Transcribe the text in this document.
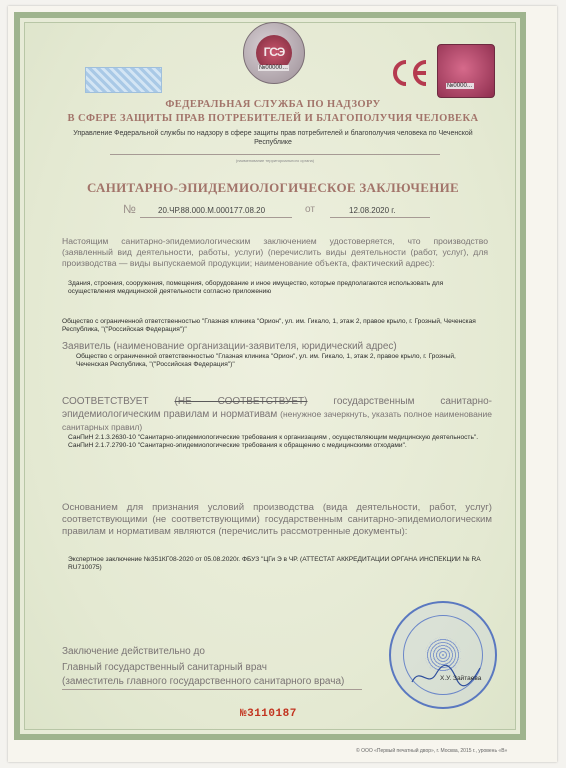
ГСЭ
№00000…
№0000…
ФЕДЕРАЛЬНАЯ СЛУЖБА ПО НАДЗОРУ
В СФЕРЕ ЗАЩИТЫ ПРАВ ПОТРЕБИТЕЛЕЙ И БЛАГОПОЛУЧИЯ ЧЕЛОВЕКА
Управление Федеральной службы по надзору в сфере защиты прав потребителей и благополучия человека по Чеченской Республике
(наименование территориального органа)
САНИТАРНО-ЭПИДЕМИОЛОГИЧЕСКОЕ ЗАКЛЮЧЕНИЕ
№	20.ЧР.88.000.М.000177.08.20	от	12.08.2020 г.
Настоящим санитарно-эпидемиологическим заключением удостоверяется, что производство (заявленный вид деятельности, работы, услуги) (перечислить виды деятельности (работ, услуг), для производства — виды выпускаемой продукции; наименование объекта, фактический адрес):
Здания, строения, сооружения, помещения, оборудование и иное имущество, которые предполагаются использовать для осуществления медицинской деятельности согласно приложению
Общество с ограниченной ответственностью "Глазная клиника "Орион", ул. им. Гикало, 1, этаж 2, правое крыло, г. Грозный, Чеченская Республика, "("Российская Федерация")"
Заявитель (наименование организации-заявителя, юридический адрес)
Общество с ограниченной ответственностью "Глазная клиника "Орион", ул. им. Гикало, 1, этаж 2, правое крыло, г. Грозный, Чеченская Республика, "("Российская Федерация")"
СООТВЕТСТВУЕТ	(НЕ СООТВЕТСТВУЕТ)	государственным санитарно-эпидемиологическим правилам и нормативам (ненужное зачеркнуть, указать полное наименование санитарных правил)
СанПиН 2.1.3.2630-10 "Санитарно-эпидемиологические требования к организациям , осуществляющим медицинскую деятельность". СанПиН 2.1.7.2790-10 "Санитарно-эпидемиологические требования к обращению с медицинскими отходами".
Основанием для признания условий производства (вида деятельности, работ, услуг) соответствующими (не соответствующими) государственным санитарно-эпидемиологическим правилам и нормативам являются (перечислить рассмотренные документы):
Экспертное заключение №351КГ08-2020 от 05.08.2020г. ФБУЗ "ЦГи Э в ЧР. (АТТЕСТАТ АККРЕДИТАЦИИ ОРГАНА ИНСПЕКЦИИ № RA RU710075)
Заключение действительно до
Главный государственный санитарный врач
(заместитель главного государственного санитарного врача)	Х.У. Зайтаева
№3110187
© ООО «Первый печатный двор», г. Москва, 2015 г., уровень «В»
